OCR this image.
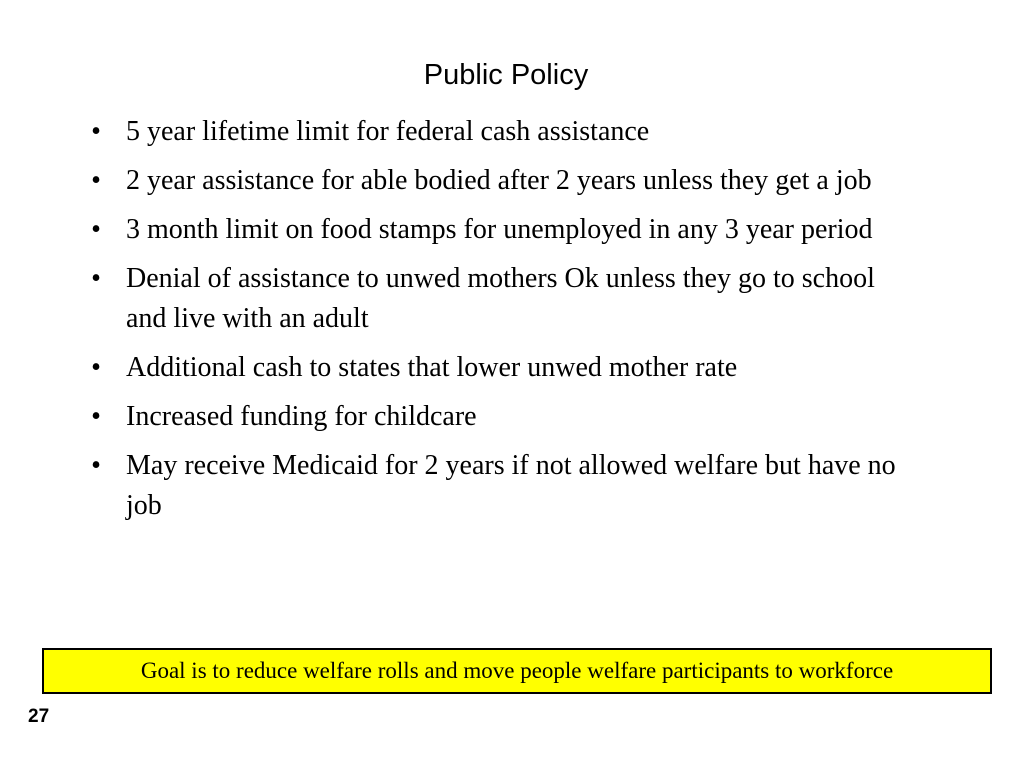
Public Policy
• 5 year lifetime limit for federal cash assistance
• 2 year assistance for able bodied after 2 years unless they get a job
• 3 month limit on food stamps for unemployed in any 3 year period
• Denial of assistance to unwed mothers Ok unless they go to school and live with an adult
• Additional cash to states that lower unwed mother rate
• Increased funding for childcare
• May receive Medicaid for 2 years if not allowed welfare but have no job
Goal is to reduce welfare rolls and move people welfare participants to workforce
27
